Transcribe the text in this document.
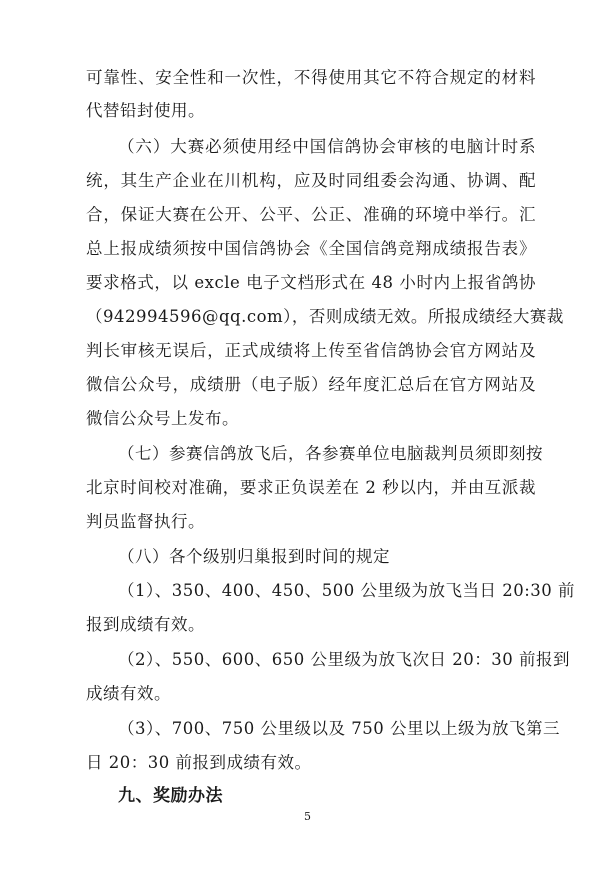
可靠性、安全性和一次性，不得使用其它不符合规定的材料
代替铅封使用。
（六）大赛必须使用经中国信鸽协会审核的电脑计时系
统，其生产企业在川机构，应及时同组委会沟通、协调、配
合，保证大赛在公开、公平、公正、准确的环境中举行。汇
总上报成绩须按中国信鸽协会《全国信鸽竞翔成绩报告表》
要求格式，以 excle 电子文档形式在 48 小时内上报省鸽协
（942994596@qq.com），否则成绩无效。所报成绩经大赛裁
判长审核无误后，正式成绩将上传至省信鸽协会官方网站及
微信公众号，成绩册（电子版）经年度汇总后在官方网站及
微信公众号上发布。
（七）参赛信鸽放飞后，各参赛单位电脑裁判员须即刻按
北京时间校对准确，要求正负误差在 2 秒以内，并由互派裁
判员监督执行。
（八）各个级别归巢报到时间的规定
（1）、350、400、450、500 公里级为放飞当日 20:30 前
报到成绩有效。
（2）、550、600、650 公里级为放飞次日 20：30 前报到
成绩有效。
（3）、700、750 公里级以及 750 公里以上级为放飞第三
日 20：30 前报到成绩有效。
九、奖励办法
5
